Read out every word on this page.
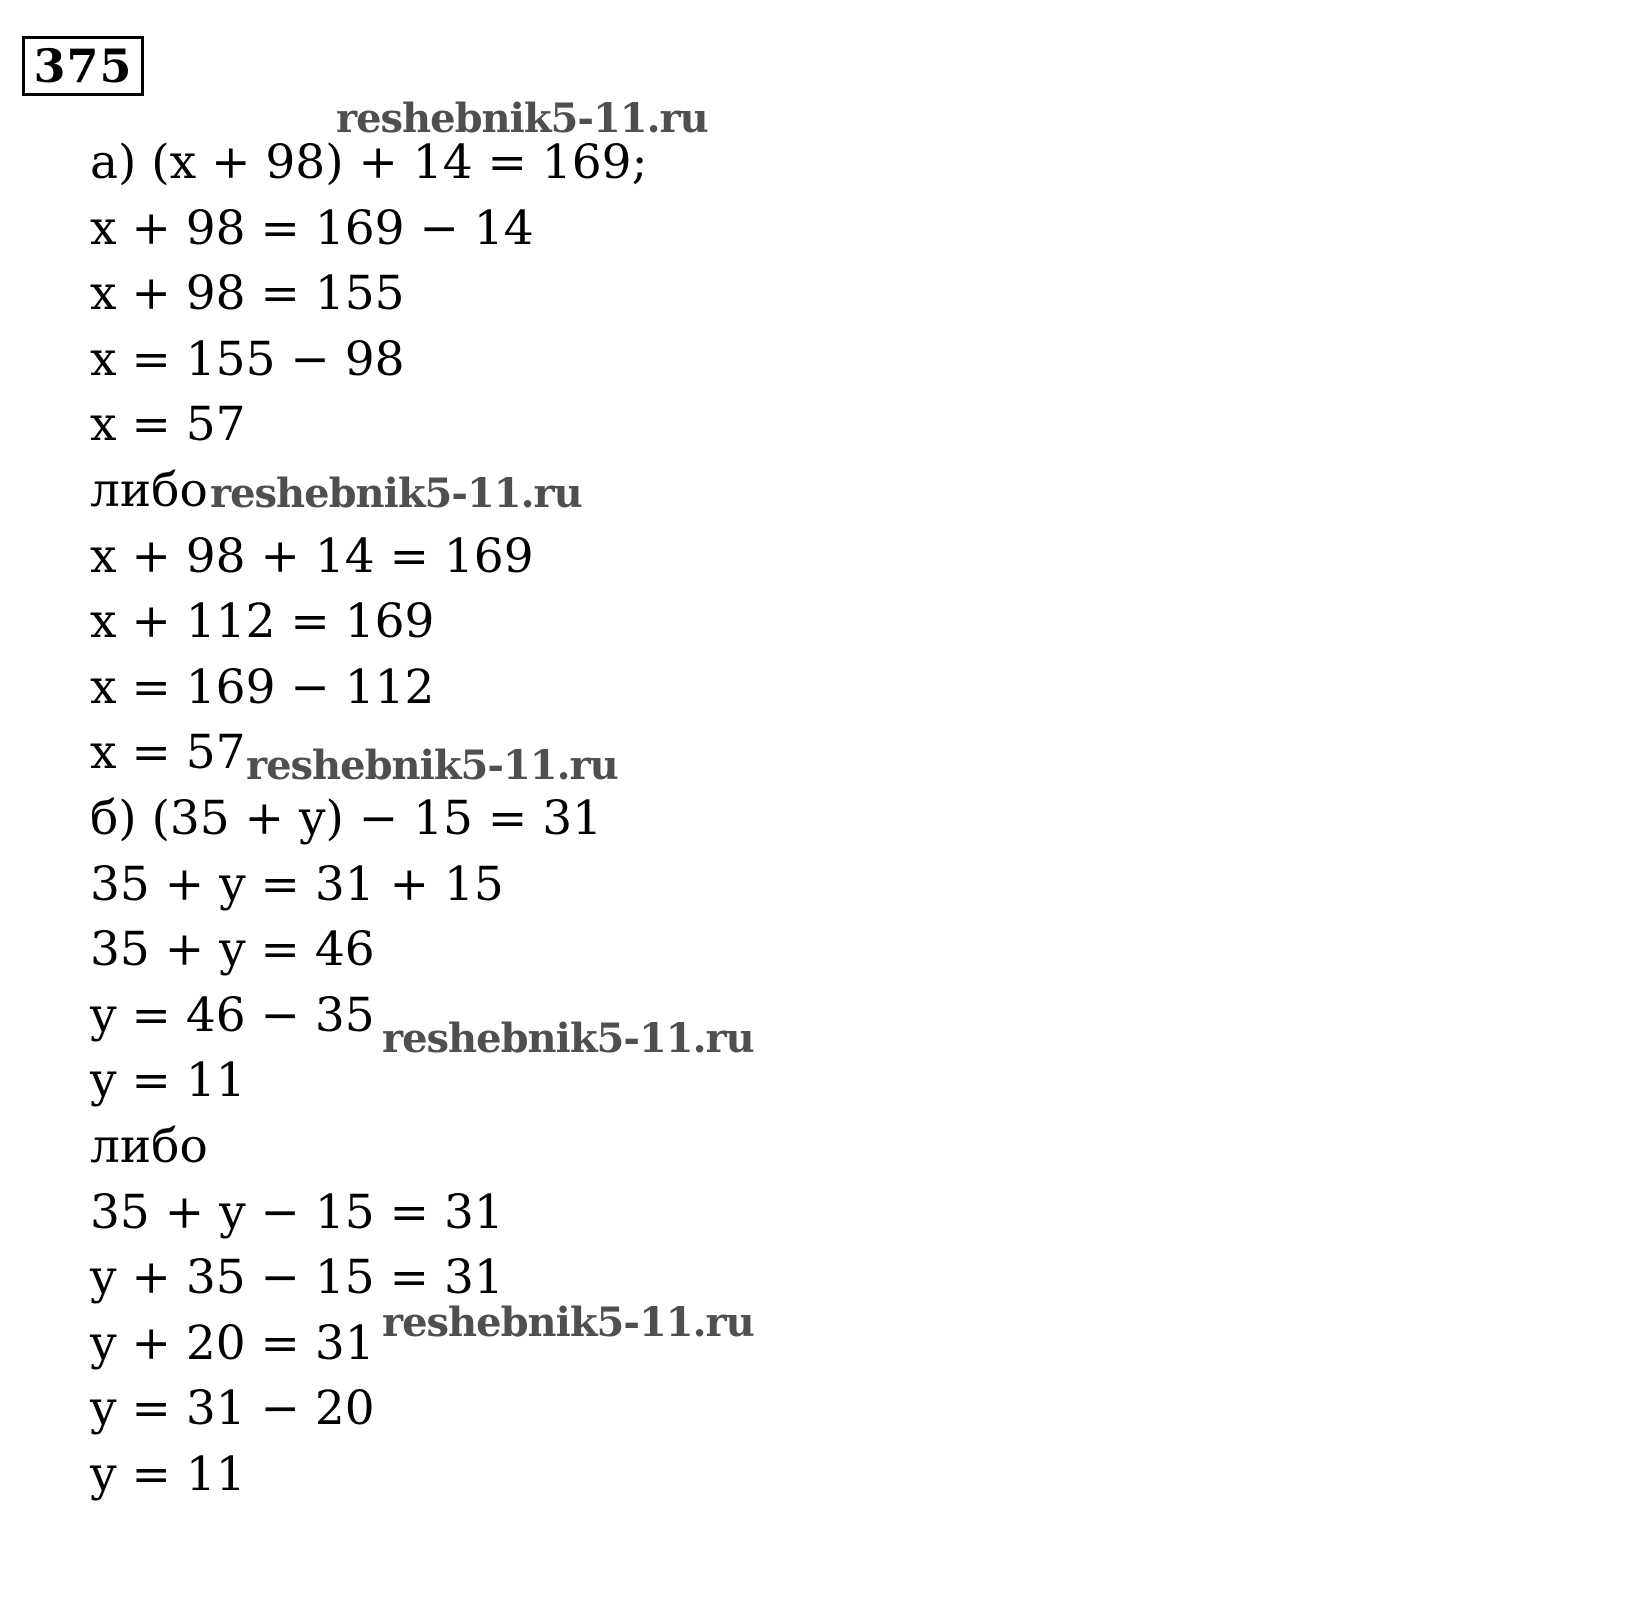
375
а) (x + 98) + 14 = 169;
x + 98 = 169 − 14
x + 98 = 155
x = 155 − 98
x = 57
либо
x + 98 + 14 = 169
x + 112 = 169
x = 169 − 112
x = 57
б) (35 + y) − 15 = 31
35 + y = 31 + 15
35 + y = 46
y = 46 − 35
y = 11
либо
35 + y − 15 = 31
y + 35 − 15 = 31
y + 20 = 31
y = 31 − 20
y = 11
reshebnik5-11.ru
reshebnik5-11.ru
reshebnik5-11.ru
reshebnik5-11.ru
reshebnik5-11.ru
